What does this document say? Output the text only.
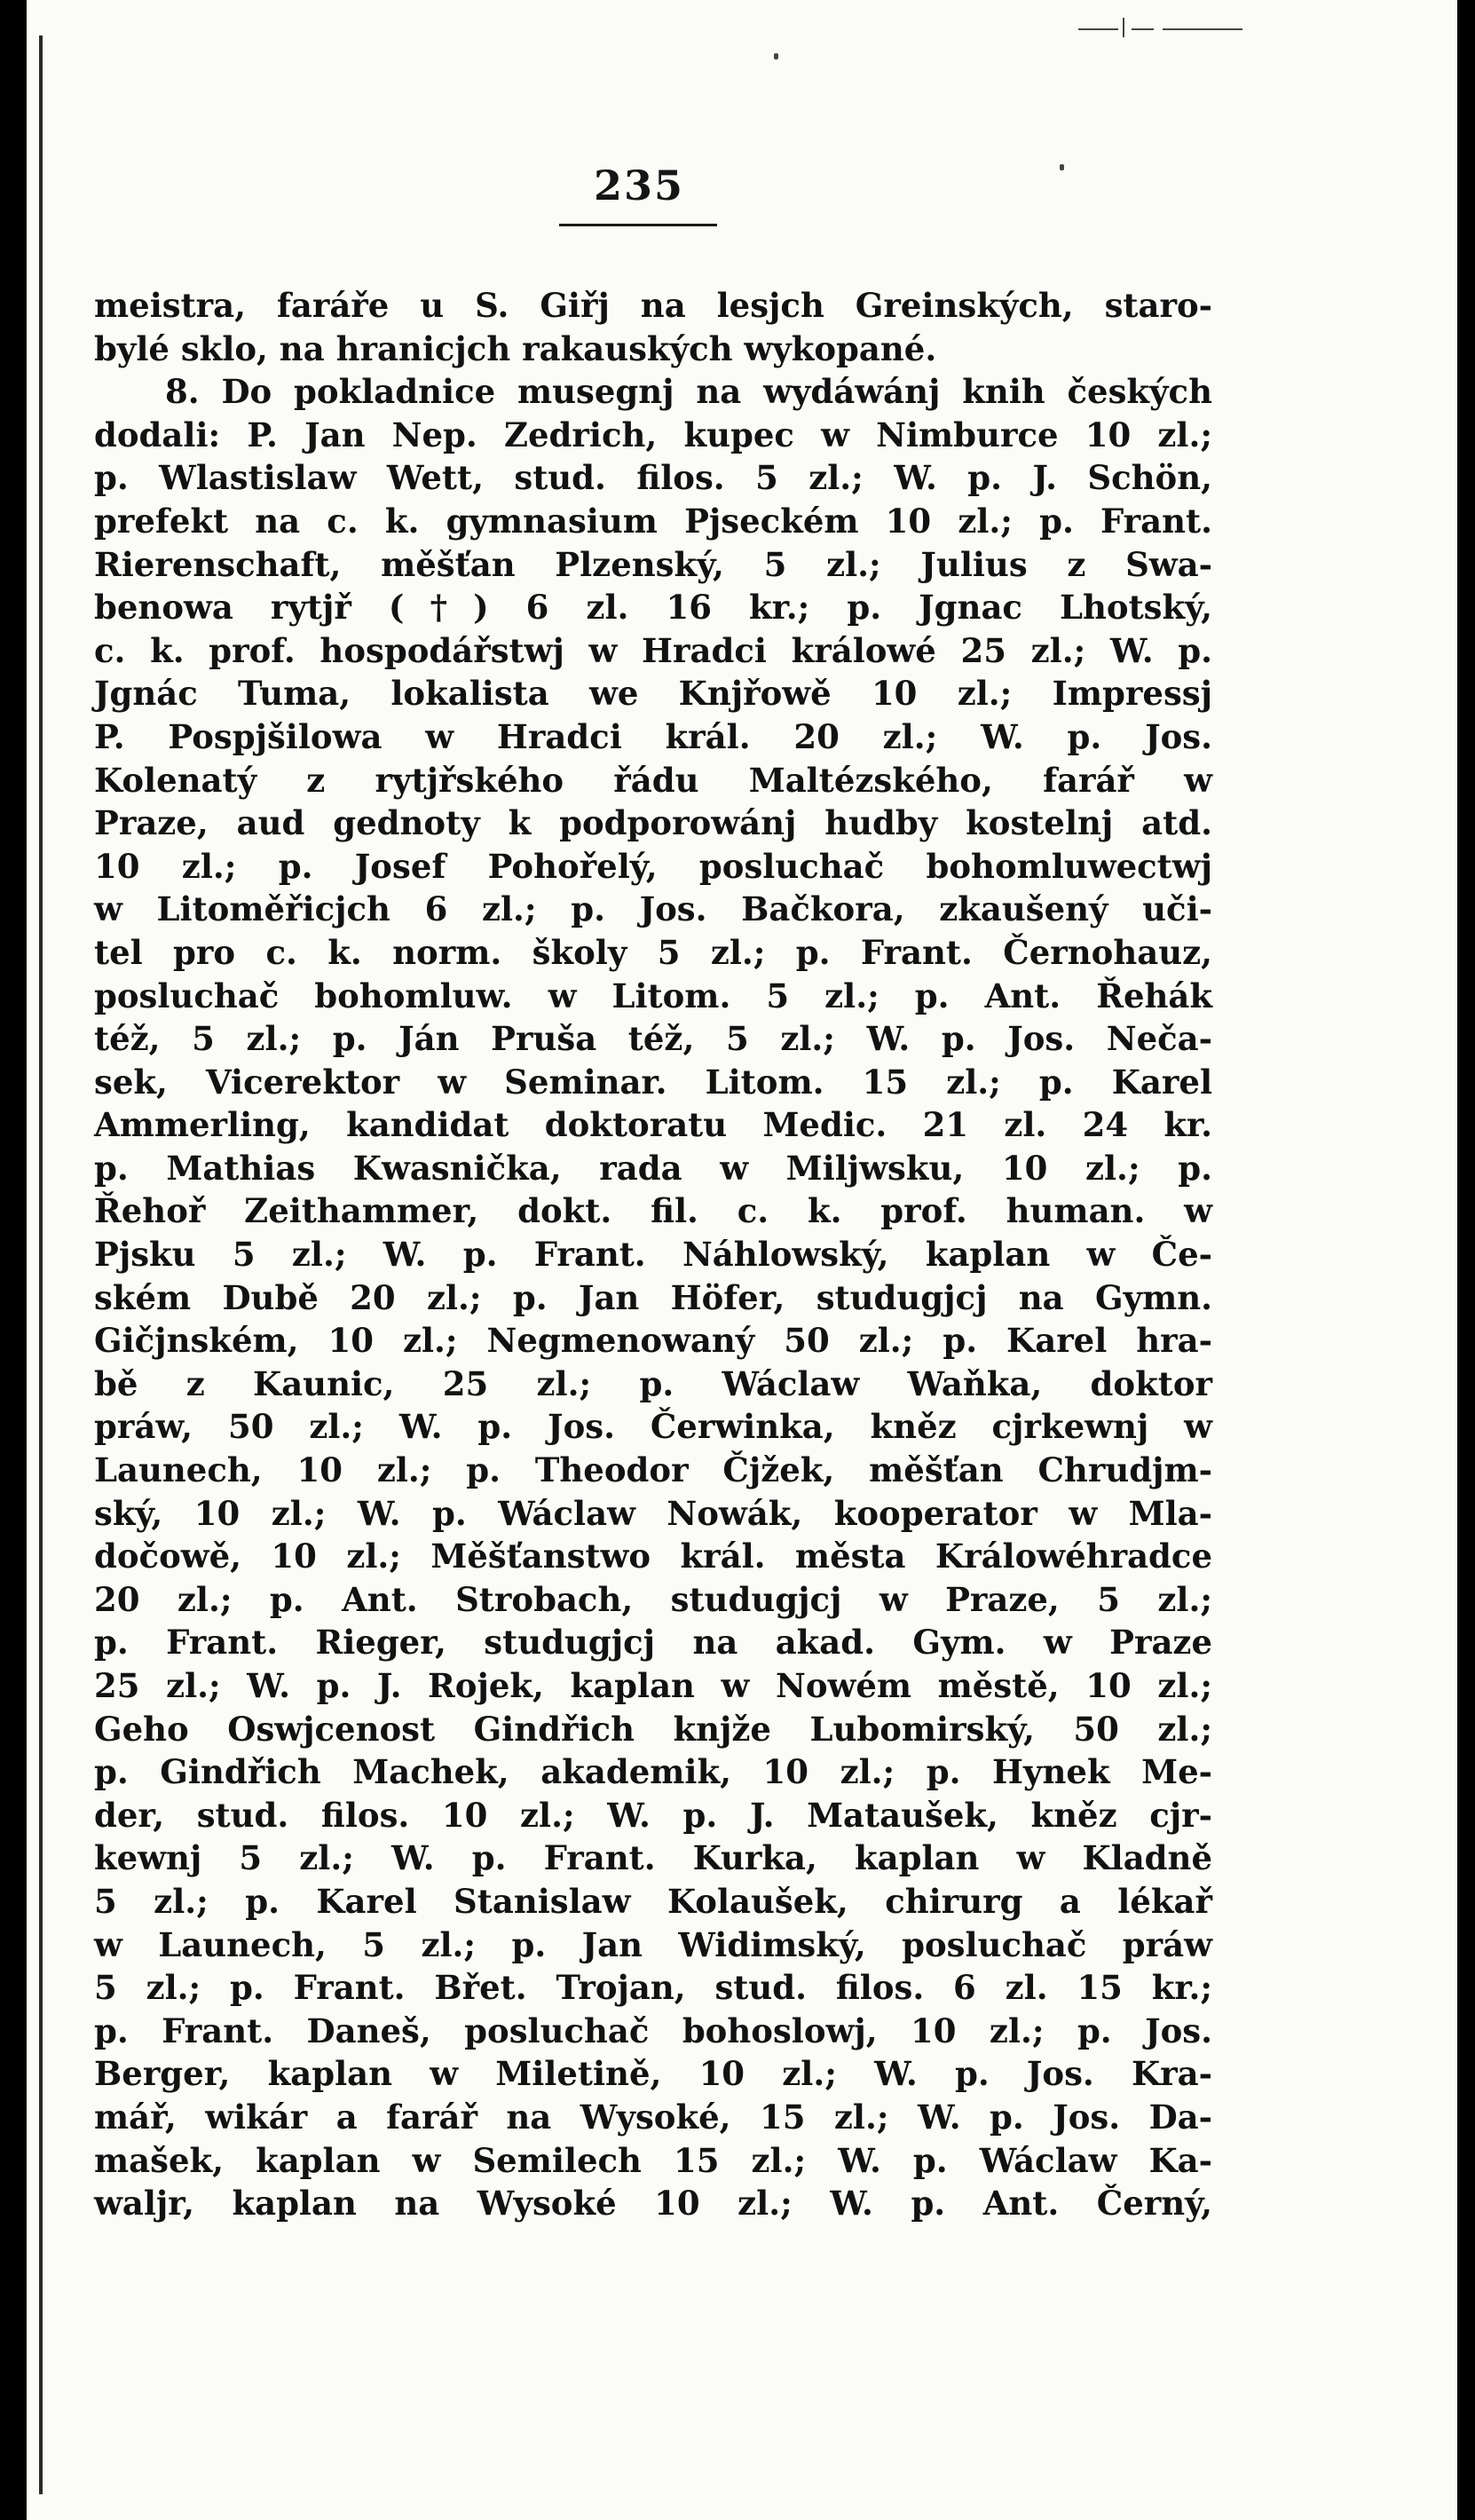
235
meistra, faráře u S. Giřj na lesjch Greinských, staro-
bylé sklo, na hranicjch rakauských wykopané.
8. Do pokladnice musegnj na wydáwánj knih českých
dodali: P. Jan Nep. Zedrich, kupec w Nimburce 10 zl.;
p. Wlastislaw Wett, stud. filos. 5 zl.; W. p. J. Schön,
prefekt na c. k. gymnasium Pjseckém 10 zl.; p. Frant.
Rierenschaft, měšťan Plzenský, 5 zl.; Julius z Swa-
benowa rytjř (†) 6 zl. 16 kr.; p. Jgnac Lhotský,
c. k. prof. hospodářstwj w Hradci králowé 25 zl.; W. p.
Jgnác Tuma, lokalista we Knjřowě 10 zl.; Impressj
P. Pospjšilowa w Hradci král. 20 zl.; W. p. Jos.
Kolenatý z rytjřského řádu Maltézského, farář w
Praze, aud gednoty k podporowánj hudby kostelnj atd.
10 zl.; p. Josef Pohořelý, posluchač bohomluwectwj
w Litoměřicjch 6 zl.; p. Jos. Bačkora, zkaušený uči-
tel pro c. k. norm. školy 5 zl.; p. Frant. Černohauz,
posluchač bohomluw. w Litom. 5 zl.; p. Ant. Řehák
též, 5 zl.; p. Ján Pruša též, 5 zl.; W. p. Jos. Neča-
sek, Vicerektor w Seminar. Litom. 15 zl.; p. Karel
Ammerling, kandidat doktoratu Medic. 21 zl. 24 kr.
p. Mathias Kwasnička, rada w Miljwsku, 10 zl.; p.
Řehoř Zeithammer, dokt. fil. c. k. prof. human. w
Pjsku 5 zl.; W. p. Frant. Náhlowský, kaplan w Če-
ském Dubě 20 zl.; p. Jan Höfer, studugjcj na Gymn.
Gičjnském, 10 zl.; Negmenowaný 50 zl.; p. Karel hra-
bě z Kaunic, 25 zl.; p. Wáclaw Waňka, doktor
práw, 50 zl.; W. p. Jos. Čerwinka, kněz cjrkewnj w
Launech, 10 zl.; p. Theodor Čjžek, měšťan Chrudjm-
ský, 10 zl.; W. p. Wáclaw Nowák, kooperator w Mla-
dočowě, 10 zl.; Měšťanstwo král. města Králowéhradce
20 zl.; p. Ant. Strobach, studugjcj w Praze, 5 zl.;
p. Frant. Rieger, studugjcj na akad. Gym. w Praze
25 zl.; W. p. J. Rojek, kaplan w Nowém městě, 10 zl.;
Geho Oswjcenost Gindřich knjže Lubomirský, 50 zl.;
p. Gindřich Machek, akademik, 10 zl.; p. Hynek Me-
der, stud. filos. 10 zl.; W. p. J. Mataušek, kněz cjr-
kewnj 5 zl.; W. p. Frant. Kurka, kaplan w Kladně
5 zl.; p. Karel Stanislaw Kolaušek, chirurg a lékař
w Launech, 5 zl.; p. Jan Widimský, posluchač práw
5 zl.; p. Frant. Břet. Trojan, stud. filos. 6 zl. 15 kr.;
p. Frant. Daneš, posluchač bohoslowj, 10 zl.; p. Jos.
Berger, kaplan w Miletině, 10 zl.; W. p. Jos. Kra-
mář, wikár a farář na Wysoké, 15 zl.; W. p. Jos. Da-
mašek, kaplan w Semilech 15 zl.; W. p. Wáclaw Ka-
waljr, kaplan na Wysoké 10 zl.; W. p. Ant. Černý,
